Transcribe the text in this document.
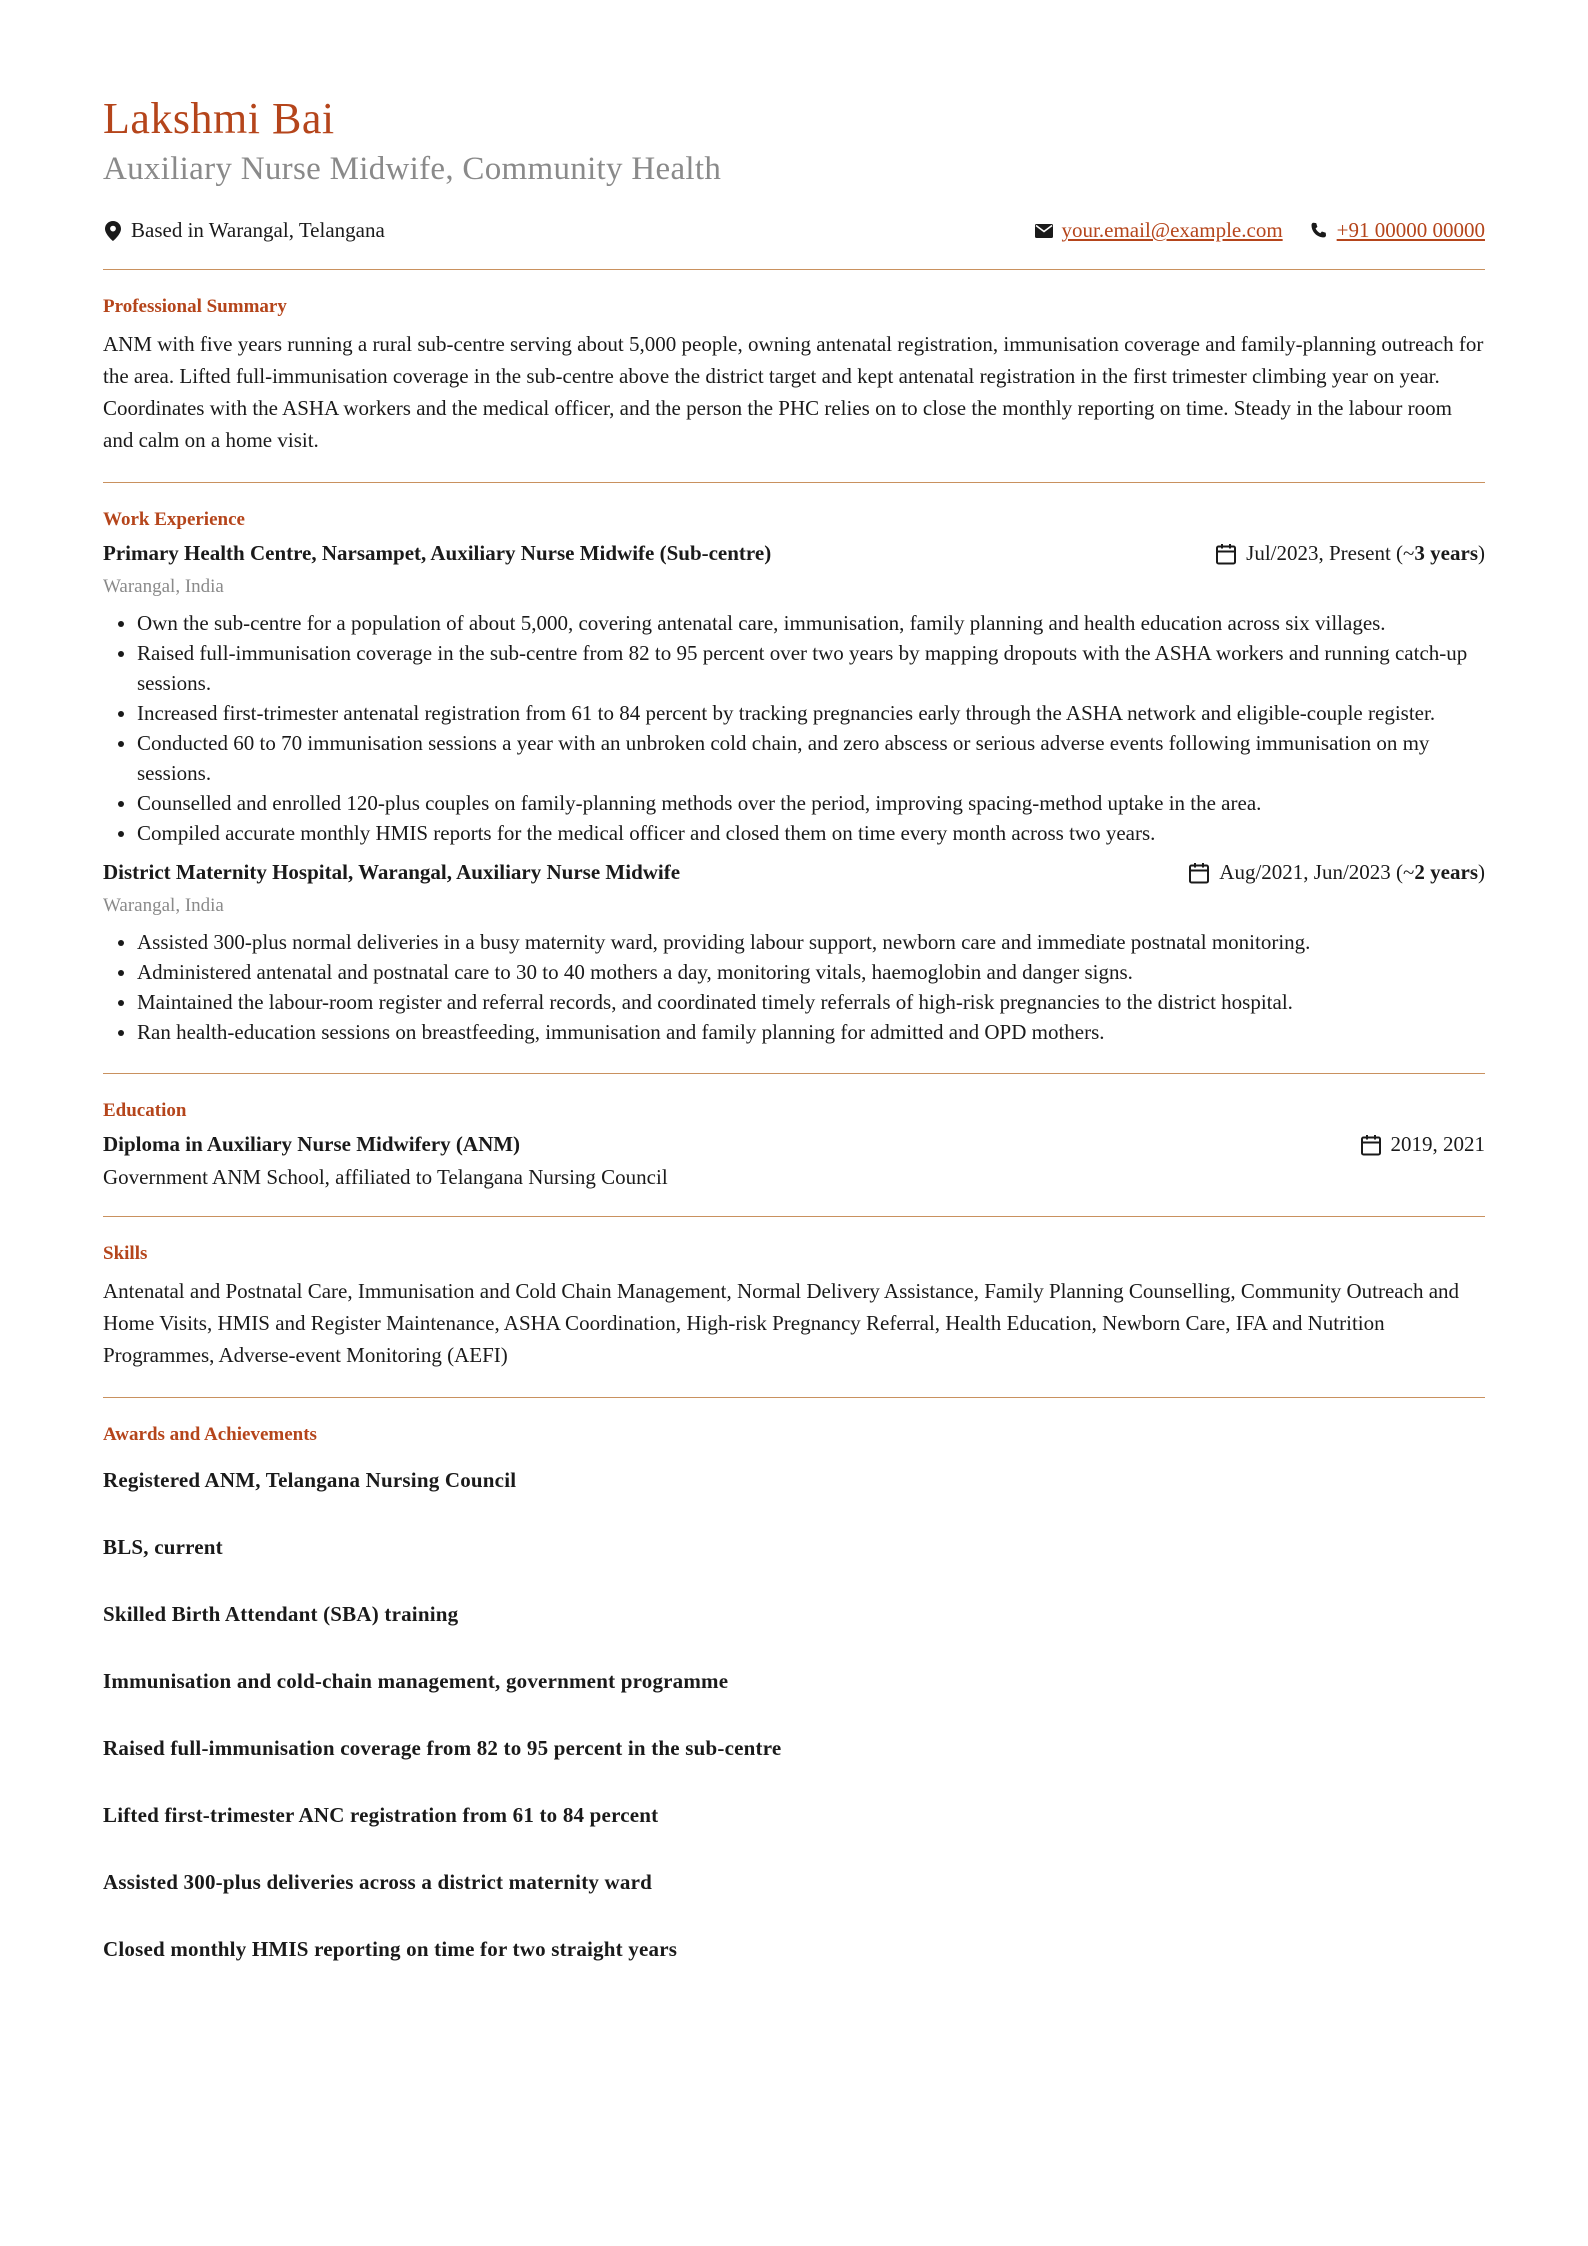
Lakshmi Bai
Auxiliary Nurse Midwife, Community Health
Based in Warangal, Telangana	your.email@example.com	+91 00000 00000
Professional Summary

ANM with five years running a rural sub-centre serving about 5,000 people, owning antenatal registration, immunisation coverage and family-planning outreach for the area. Lifted full-immunisation coverage in the sub-centre above the district target and kept antenatal registration in the first trimester climbing year on year. Coordinates with the ASHA workers and the medical officer, and the person the PHC relies on to close the monthly reporting on time. Steady in the labour room and calm on a home visit.

Work Experience
Primary Health Centre, Narsampet, Auxiliary Nurse Midwife (Sub-centre)	Jul/2023, Present (~ 3 years )
Warangal, India
• Own the sub-centre for a population of about 5,000, covering antenatal care, immunisation, family planning and health education across six villages.
• Raised full-immunisation coverage in the sub-centre from 82 to 95 percent over two years by mapping dropouts with the ASHA workers and running catch-up sessions.
• Increased first-trimester antenatal registration from 61 to 84 percent by tracking pregnancies early through the ASHA network and eligible-couple register.
• Conducted 60 to 70 immunisation sessions a year with an unbroken cold chain, and zero abscess or serious adverse events following immunisation on my sessions.
• Counselled and enrolled 120-plus couples on family-planning methods over the period, improving spacing-method uptake in the area.
• Compiled accurate monthly HMIS reports for the medical officer and closed them on time every month across two years.
District Maternity Hospital, Warangal, Auxiliary Nurse Midwife	Aug/2021, Jun/2023 (~ 2 years )
Warangal, India
• Assisted 300-plus normal deliveries in a busy maternity ward, providing labour support, newborn care and immediate postnatal monitoring.
• Administered antenatal and postnatal care to 30 to 40 mothers a day, monitoring vitals, haemoglobin and danger signs.
• Maintained the labour-room register and referral records, and coordinated timely referrals of high-risk pregnancies to the district hospital.
• Ran health-education sessions on breastfeeding, immunisation and family planning for admitted and OPD mothers.
Education
Diploma in Auxiliary Nurse Midwifery (ANM)	2019, 2021
Government ANM School, affiliated to Telangana Nursing Council
Skills

Antenatal and Postnatal Care, Immunisation and Cold Chain Management, Normal Delivery Assistance, Family Planning Counselling, Community Outreach and Home Visits, HMIS and Register Maintenance, ASHA Coordination, High-risk Pregnancy Referral, Health Education, Newborn Care, IFA and Nutrition Programmes, Adverse-event Monitoring (AEFI)

Awards and Achievements
Registered ANM, Telangana Nursing Council
BLS, current
Skilled Birth Attendant (SBA) training
Immunisation and cold-chain management, government programme
Raised full-immunisation coverage from 82 to 95 percent in the sub-centre
Lifted first-trimester ANC registration from 61 to 84 percent
Assisted 300-plus deliveries across a district maternity ward
Closed monthly HMIS reporting on time for two straight years
